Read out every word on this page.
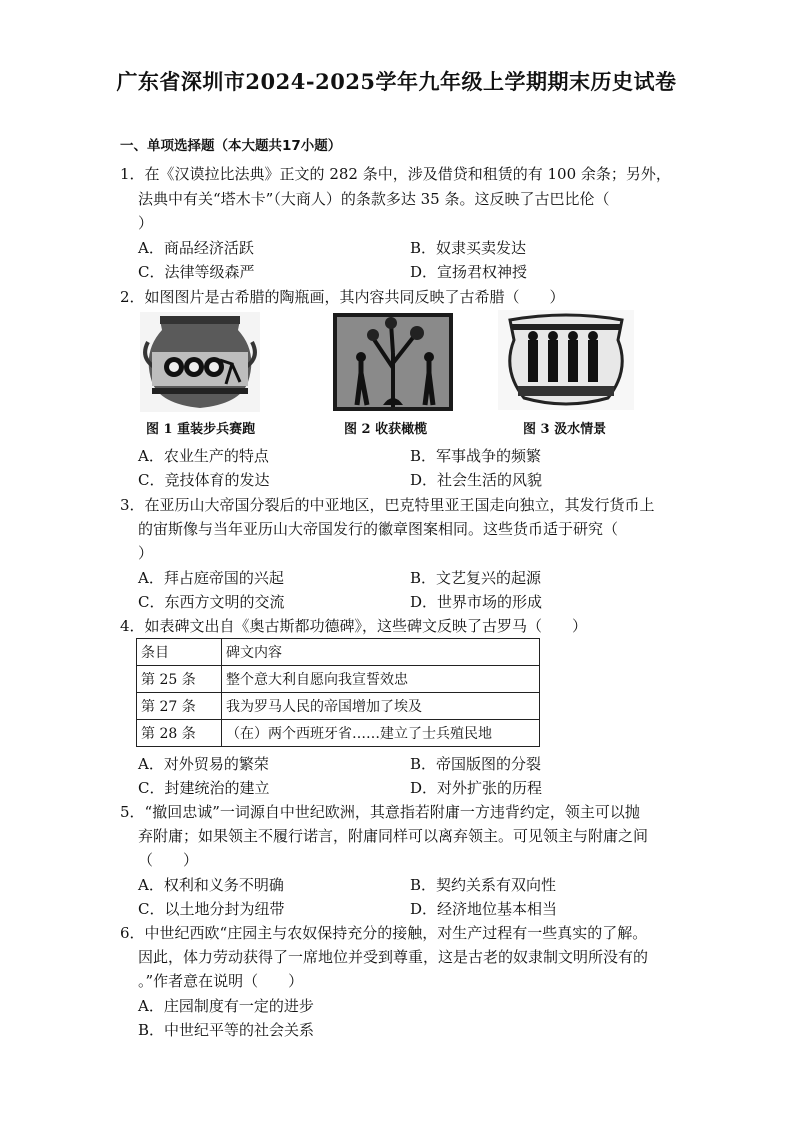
广东省深圳市2024-2025学年九年级上学期期末历史试卷
一、单项选择题（本大题共17小题）
1．在《汉谟拉比法典》正文的 282 条中，涉及借贷和租赁的有 100 余条；另外，
法典中有关“塔木卡”（大商人）的条款多达 35 条。这反映了古巴比伦（
）
A．商品经济活跃	B．奴隶买卖发达
C．法律等级森严	D．宣扬君权神授
2．如图图片是古希腊的陶瓶画，其内容共同反映了古希腊（　　）
图 1 重装步兵赛跑	图 2 收获橄榄	图 3 汲水情景
A．农业生产的特点	B．军事战争的频繁
C．竞技体育的发达	D．社会生活的风貌
3．在亚历山大帝国分裂后的中亚地区，巴克特里亚王国走向独立，其发行货币上
的宙斯像与当年亚历山大帝国发行的徽章图案相同。这些货币适于研究（
）
A．拜占庭帝国的兴起	B．文艺复兴的起源
C．东西方文明的交流	D．世界市场的形成
4．如表碑文出自《奥古斯都功德碑》，这些碑文反映了古罗马（　　）
条目	碑文内容
第 25 条	整个意大利自愿向我宣誓效忠
第 27 条	我为罗马人民的帝国增加了埃及
第 28 条	（在）两个西班牙省……建立了士兵殖民地
A．对外贸易的繁荣	B．帝国版图的分裂
C．封建统治的建立	D．对外扩张的历程
5．“撤回忠诚”一词源自中世纪欧洲，其意指若附庸一方违背约定，领主可以抛
弃附庸；如果领主不履行诺言，附庸同样可以离弃领主。可见领主与附庸之间
（　　）
A．权利和义务不明确	B．契约关系有双向性
C．以土地分封为纽带	D．经济地位基本相当
6．中世纪西欧“庄园主与农奴保持充分的接触，对生产过程有一些真实的了解。
因此，体力劳动获得了一席地位并受到尊重，这是古老的奴隶制文明所没有的
。”作者意在说明（　　）
A．庄园制度有一定的进步
B．中世纪平等的社会关系
